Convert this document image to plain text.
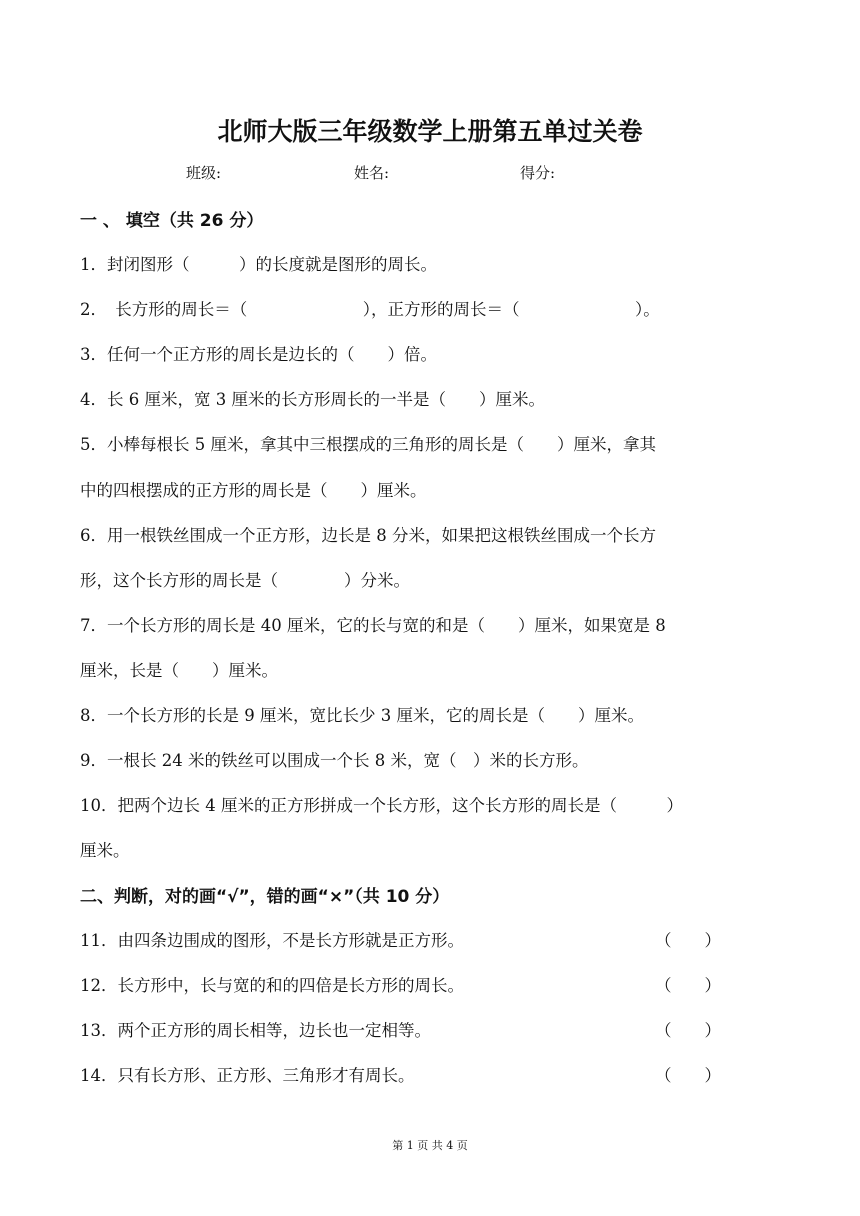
北师大版三年级数学上册第五单过关卷
班级:	姓名:	得分:
一 、 填空（共 26 分）
1．封闭图形（　　　）的长度就是图形的周长。
2．　长方形的周长＝（　　　　　　　），正方形的周长＝（　　　　　　　）。
3．任何一个正方形的周长是边长的（　　）倍。
4．长 6 厘米，宽 3 厘米的长方形周长的一半是（　　）厘米。
5．小棒每根长 5 厘米，拿其中三根摆成的三角形的周长是（　　）厘米，拿其
中的四根摆成的正方形的周长是（　　）厘米。
6．用一根铁丝围成一个正方形，边长是 8 分米，如果把这根铁丝围成一个长方
形，这个长方形的周长是（　　　　）分米。
7．一个长方形的周长是 40 厘米，它的长与宽的和是（　　）厘米，如果宽是 8
厘米，长是（　　）厘米。
8．一个长方形的长是 9 厘米，宽比长少 3 厘米，它的周长是（　　）厘米。
9．一根长 24 米的铁丝可以围成一个长 8 米，宽（　）米的长方形。
10．把两个边长 4 厘米的正方形拼成一个长方形，这个长方形的周长是（　　　）
厘米。
二、判断，对的画“√”，错的画“×”（共 10 分）
11．由四条边围成的图形，不是长方形就是正方形。	（　　）
12．长方形中，长与宽的和的四倍是长方形的周长。	（　　）
13．两个正方形的周长相等，边长也一定相等。	（　　）
14．只有长方形、正方形、三角形才有周长。	（　　）
第 1 页 共 4 页
